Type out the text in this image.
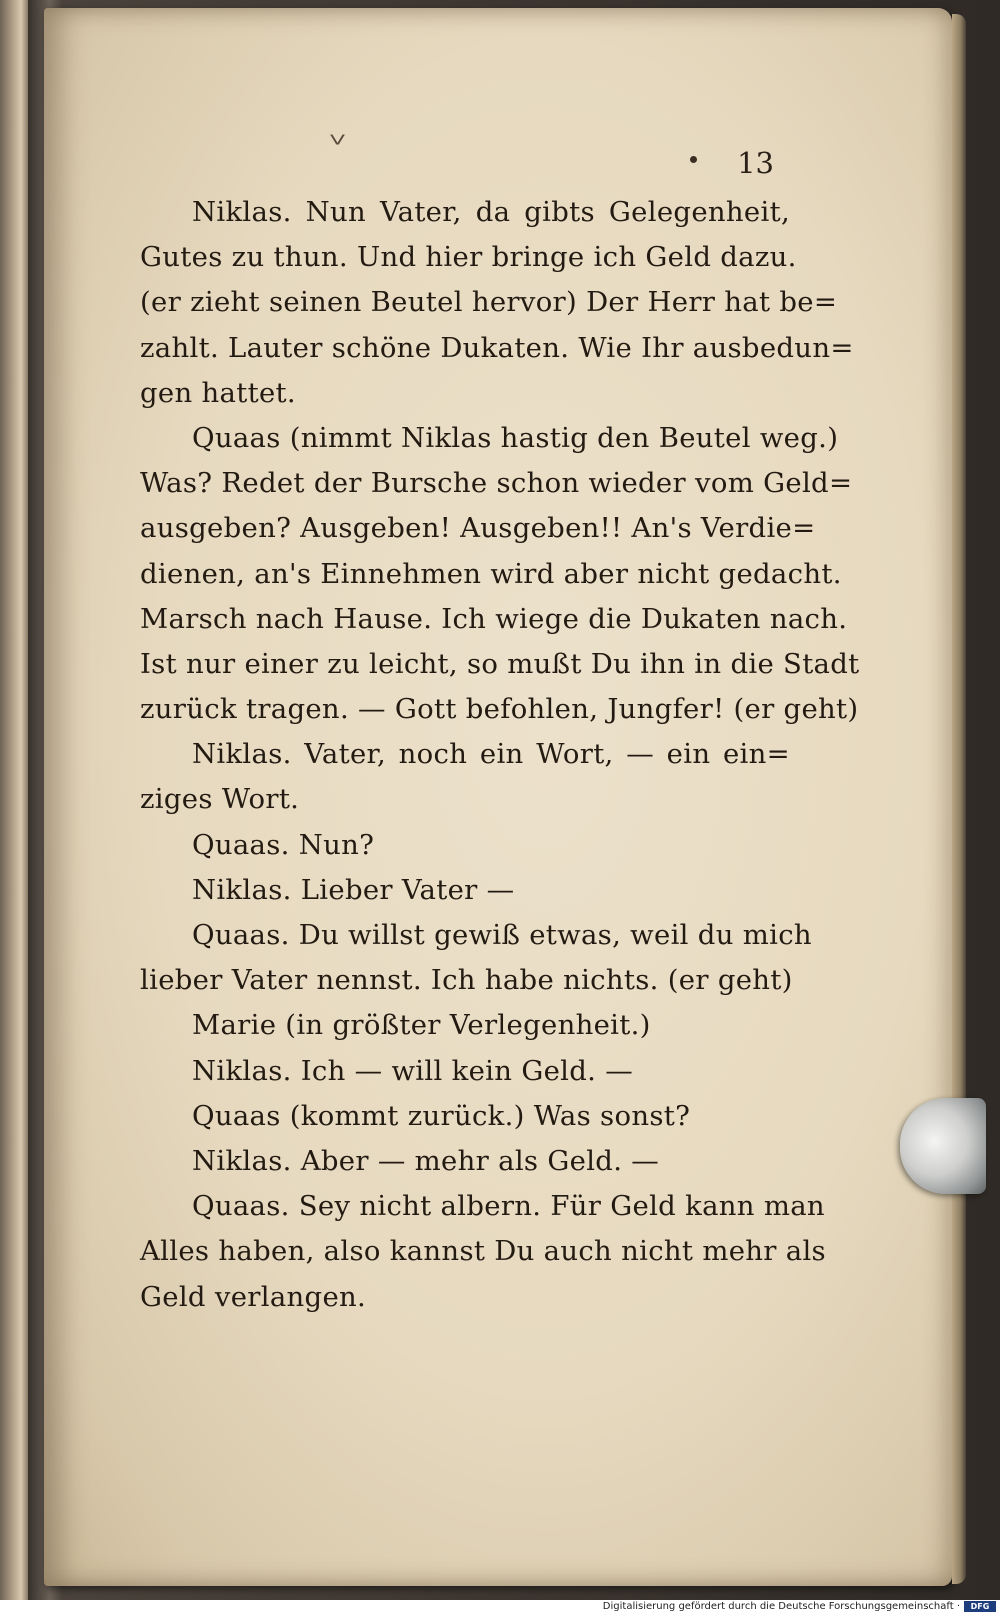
V
13
Niklas. Nun Vater, da gibts Gelegenheit,
Gutes zu thun. Und hier bringe ich Geld dazu.
(er zieht seinen Beutel hervor) Der Herr hat be=
zahlt. Lauter schöne Dukaten. Wie Ihr ausbedun=
gen hattet.
Quaas (nimmt Niklas hastig den Beutel weg.)
Was? Redet der Bursche schon wieder vom Geld=
ausgeben? Ausgeben! Ausgeben!! An's Verdie=
dienen, an's Einnehmen wird aber nicht gedacht.
Marsch nach Hause. Ich wiege die Dukaten nach.
Ist nur einer zu leicht, so mußt Du ihn in die Stadt
zurück tragen. — Gott befohlen, Jungfer! (er geht)
Niklas. Vater, noch ein Wort, — ein ein=
ziges Wort.
Quaas. Nun?
Niklas. Lieber Vater —
Quaas. Du willst gewiß etwas, weil du mich
lieber Vater nennst. Ich habe nichts. (er geht)
Marie (in größter Verlegenheit.)
Niklas. Ich — will kein Geld. —
Quaas (kommt zurück.) Was sonst?
Niklas. Aber — mehr als Geld. —
Quaas. Sey nicht albern. Für Geld kann man
Alles haben, also kannst Du auch nicht mehr als
Geld verlangen.
Digitalisierung gefördert durch die Deutsche Forschungsgemeinschaft ·	DFG
